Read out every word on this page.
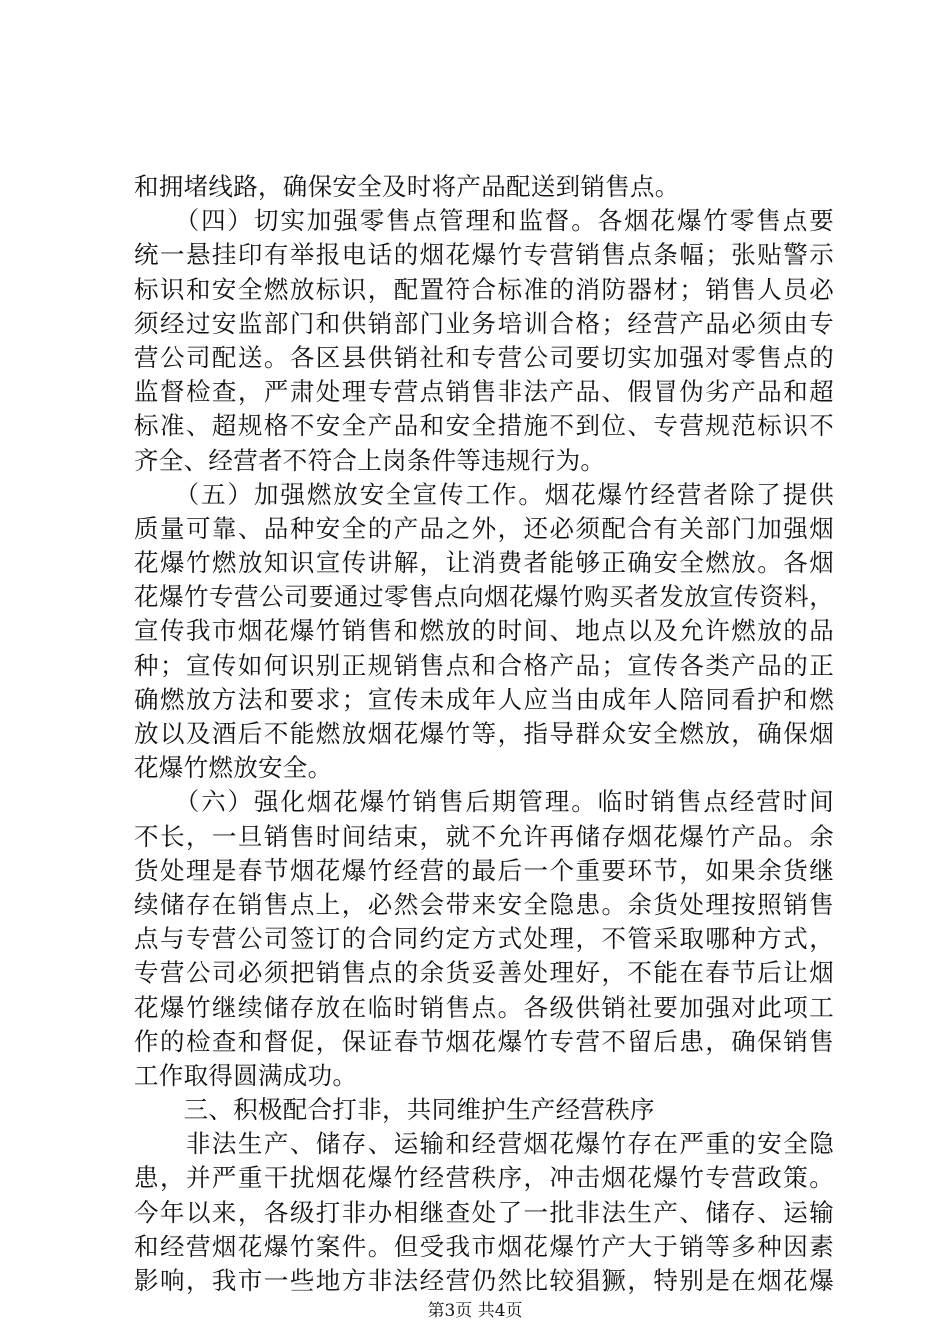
和拥堵线路，确保安全及时将产品配送到销售点。
　　（四）切实加强零售点管理和监督。各烟花爆竹零售点要
统一悬挂印有举报电话的烟花爆竹专营销售点条幅；张贴警示
标识和安全燃放标识，配置符合标准的消防器材；销售人员必
须经过安监部门和供销部门业务培训合格；经营产品必须由专
营公司配送。各区县供销社和专营公司要切实加强对零售点的
监督检查，严肃处理专营点销售非法产品、假冒伪劣产品和超
标准、超规格不安全产品和安全措施不到位、专营规范标识不
齐全、经营者不符合上岗条件等违规行为。
　　（五）加强燃放安全宣传工作。烟花爆竹经营者除了提供
质量可靠、品种安全的产品之外，还必须配合有关部门加强烟
花爆竹燃放知识宣传讲解，让消费者能够正确安全燃放。各烟
花爆竹专营公司要通过零售点向烟花爆竹购买者发放宣传资料，
宣传我市烟花爆竹销售和燃放的时间、地点以及允许燃放的品
种；宣传如何识别正规销售点和合格产品；宣传各类产品的正
确燃放方法和要求；宣传未成年人应当由成年人陪同看护和燃
放以及酒后不能燃放烟花爆竹等，指导群众安全燃放，确保烟
花爆竹燃放安全。
　　（六）强化烟花爆竹销售后期管理。临时销售点经营时间
不长，一旦销售时间结束，就不允许再储存烟花爆竹产品。余
货处理是春节烟花爆竹经营的最后一个重要环节，如果余货继
续储存在销售点上，必然会带来安全隐患。余货处理按照销售
点与专营公司签订的合同约定方式处理，不管采取哪种方式，
专营公司必须把销售点的余货妥善处理好，不能在春节后让烟
花爆竹继续储存放在临时销售点。各级供销社要加强对此项工
作的检查和督促，保证春节烟花爆竹专营不留后患，确保销售
工作取得圆满成功。
　　三、积极配合打非，共同维护生产经营秩序
　　非法生产、储存、运输和经营烟花爆竹存在严重的安全隐
患，并严重干扰烟花爆竹经营秩序，冲击烟花爆竹专营政策。
今年以来，各级打非办相继查处了一批非法生产、储存、运输
和经营烟花爆竹案件。但受我市烟花爆竹产大于销等多种因素
影响，我市一些地方非法经营仍然比较猖獗，特别是在烟花爆
第3页 共4页
